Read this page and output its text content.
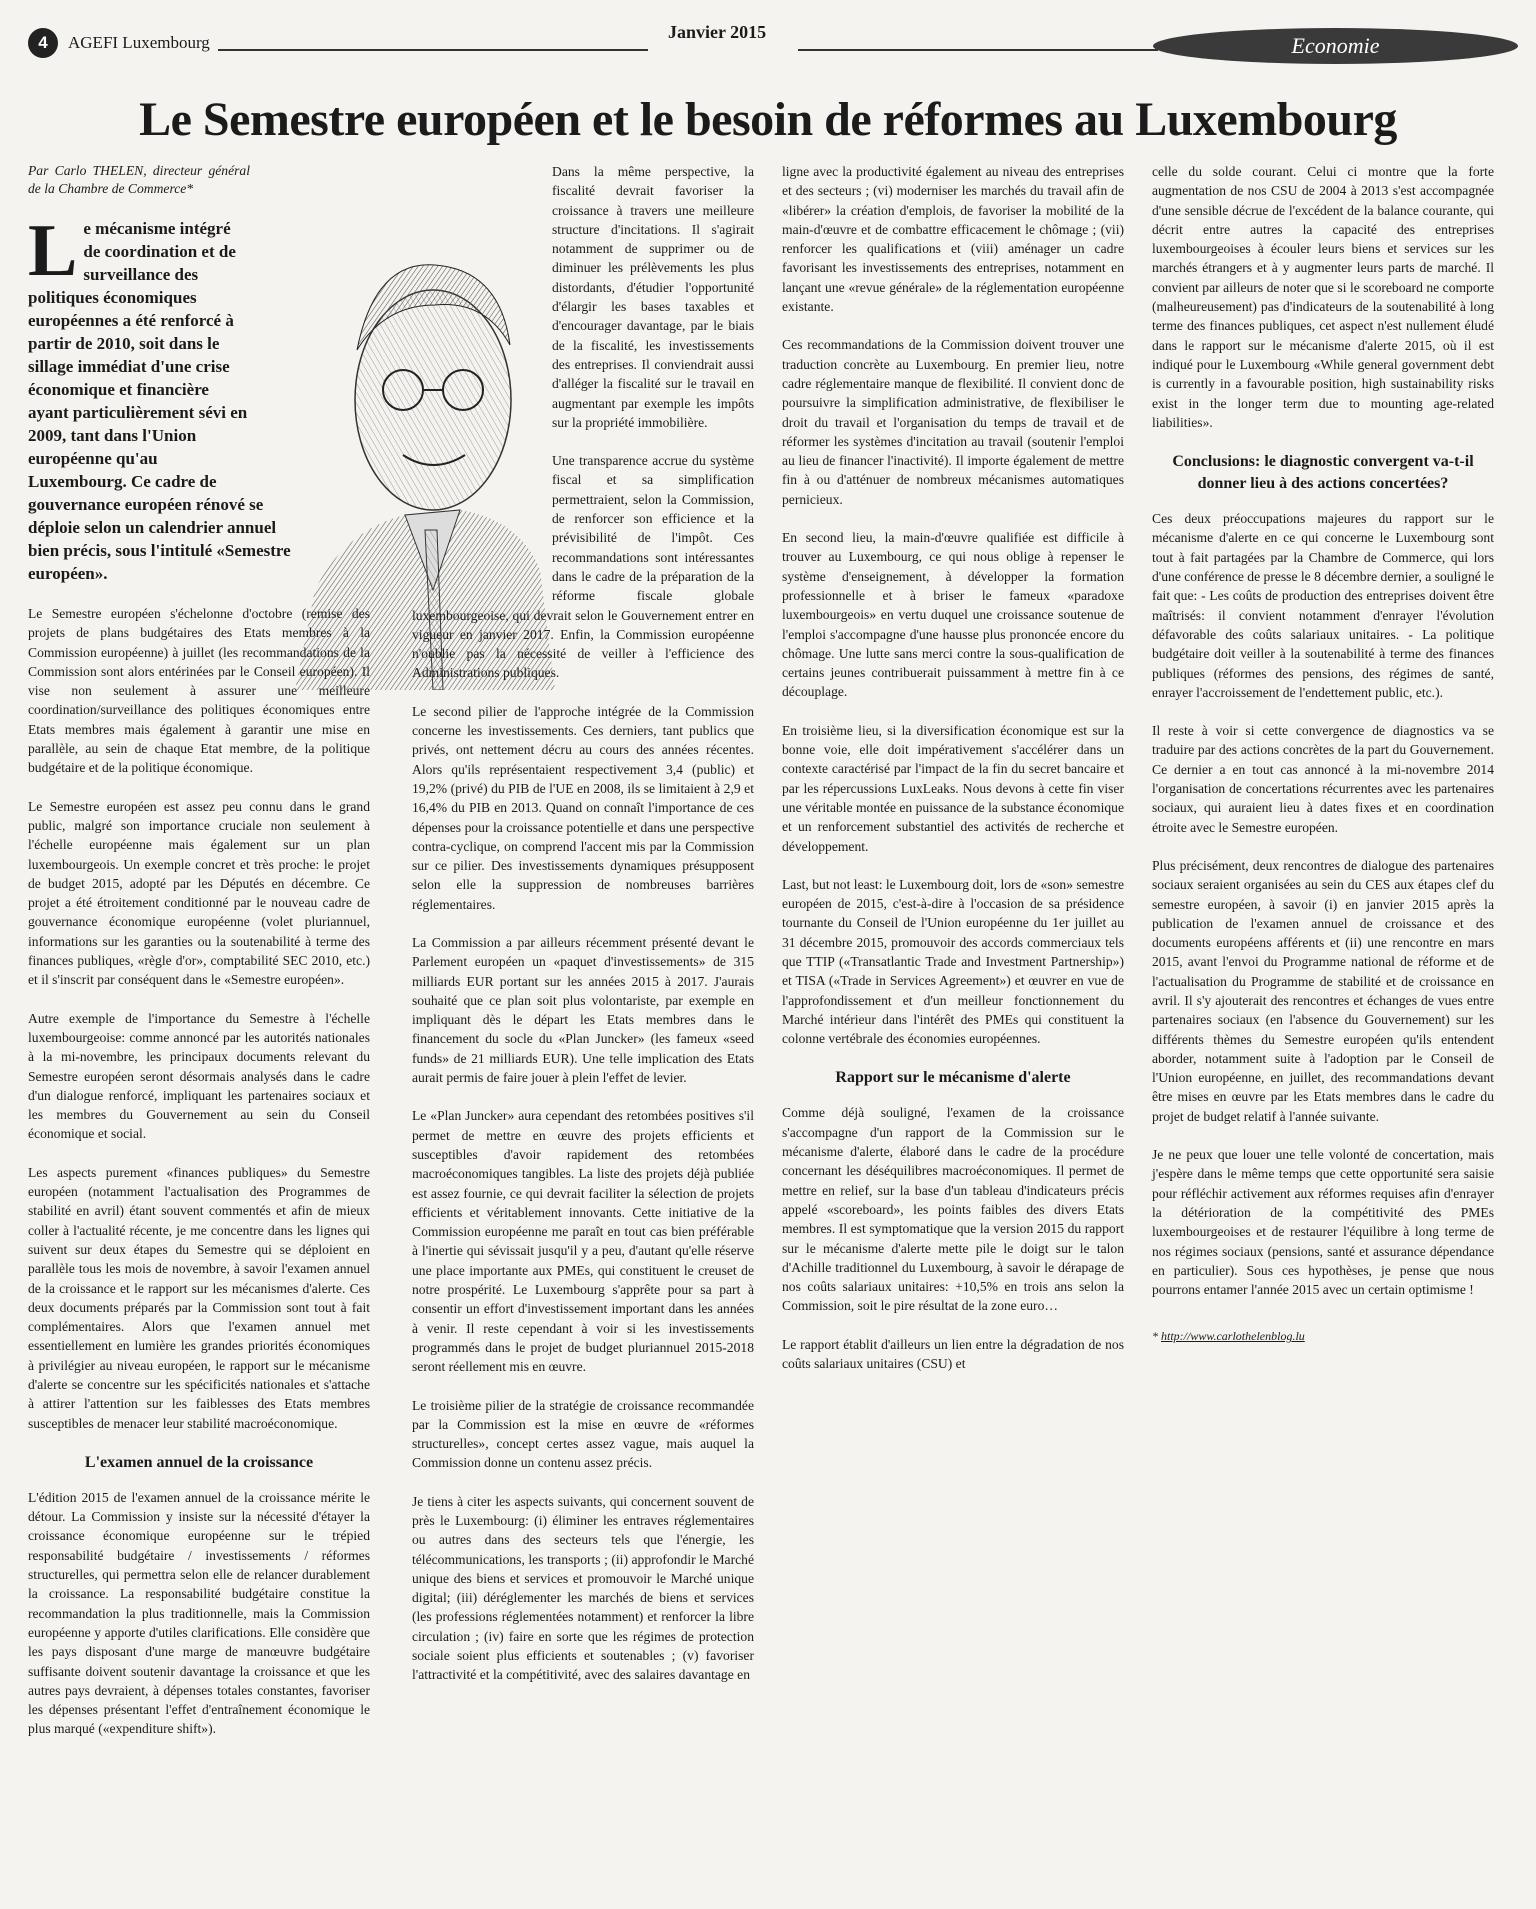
4	AGEFI Luxembourg
Janvier 2015
Economie
Le Semestre européen et le besoin de réformes au Luxembourg

Par Carlo THELEN, directeur général de la Chambre de Commerce*

Le mécanisme intégré de coordination et de surveillance des politiques économiques européennes a été renforcé à partir de 2010, soit dans le sillage immédiat d'une crise économique et financière ayant particulièrement sévi en 2009, tant dans l'Union européenne qu'au Luxembourg. Ce cadre de gouvernance européen rénové se déploie selon un calendrier annuel bien précis, sous l'intitulé «Semestre européen».

Le Semestre européen s'échelonne d'octobre (remise des projets de plans budgétaires des Etats membres à la Commission européenne) à juillet (les recommandations de la Commission sont alors entérinées par le Conseil européen). Il vise non seulement à assurer une meilleure coordination/surveillance des politiques économiques entre Etats membres mais également à garantir une mise en parallèle, au sein de chaque Etat membre, de la politique budgétaire et de la politique économique.

Le Semestre européen est assez peu connu dans le grand public, malgré son importance cruciale non seulement à l'échelle européenne mais également sur un plan luxembourgeois. Un exemple concret et très proche: le projet de budget 2015, adopté par les Députés en décembre. Ce projet a été étroitement conditionné par le nouveau cadre de gouvernance économique européenne (volet pluriannuel, informations sur les garanties ou la soutenabilité à terme des finances publiques, «règle d'or», comptabilité SEC 2010, etc.) et il s'inscrit par conséquent dans le «Semestre européen».

Autre exemple de l'importance du Semestre à l'échelle luxembourgeoise: comme annoncé par les autorités nationales à la mi-novembre, les principaux documents relevant du Semestre européen seront désormais analysés dans le cadre d'un dialogue renforcé, impliquant les partenaires sociaux et les membres du Gouvernement au sein du Conseil économique et social.

Les aspects purement «finances publiques» du Semestre européen (notamment l'actualisation des Programmes de stabilité en avril) étant souvent commentés et afin de mieux coller à l'actualité récente, je me concentre dans les lignes qui suivent sur deux étapes du Semestre qui se déploient en parallèle tous les mois de novembre, à savoir l'examen annuel de la croissance et le rapport sur les mécanismes d'alerte. Ces deux documents préparés par la Commission sont tout à fait complémentaires. Alors que l'examen annuel met essentiellement en lumière les grandes priorités économiques à privilégier au niveau européen, le rapport sur le mécanisme d'alerte se concentre sur les spécificités nationales et s'attache à attirer l'attention sur les faiblesses des Etats membres susceptibles de menacer leur stabilité macroéconomique.

L'examen annuel de la croissance

L'édition 2015 de l'examen annuel de la croissance mérite le détour. La Commission y insiste sur la nécessité d'étayer la croissance économique européenne sur le trépied responsabilité budgétaire / investissements / réformes structurelles, qui permettra selon elle de relancer durablement la croissance. La responsabilité budgétaire constitue la recommandation la plus traditionnelle, mais la Commission européenne y apporte d'utiles clarifications. Elle considère que les pays disposant d'une marge de manœuvre budgétaire suffisante doivent soutenir davantage la croissance et que les autres pays devraient, à dépenses totales constantes, favoriser les dépenses présentant l'effet d'entraînement économique le plus marqué («expenditure shift»).

Dans la même perspective, la fiscalité devrait favoriser la croissance à travers une meilleure structure d'incitations. Il s'agirait notamment de supprimer ou de diminuer les prélèvements les plus distordants, d'étudier l'opportunité d'élargir les bases taxables et d'encourager davantage, par le biais de la fiscalité, les investissements des entreprises. Il conviendrait aussi d'alléger la fiscalité sur le travail en augmentant par exemple les impôts sur la propriété immobilière.

Une transparence accrue du système fiscal et sa simplification permettraient, selon la Commission, de renforcer son efficience et la prévisibilité de l'impôt. Ces recommandations sont intéressantes dans le cadre de la préparation de la réforme fiscale globale luxembourgeoise, qui devrait selon le Gouvernement entrer en vigueur en janvier 2017. Enfin, la Commission européenne n'oublie pas la nécessité de veiller à l'efficience des Administrations publiques.

Le second pilier de l'approche intégrée de la Commission concerne les investissements. Ces derniers, tant publics que privés, ont nettement décru au cours des années récentes. Alors qu'ils représentaient respectivement 3,4 (public) et 19,2% (privé) du PIB de l'UE en 2008, ils se limitaient à 2,9 et 16,4% du PIB en 2013. Quand on connaît l'importance de ces dépenses pour la croissance potentielle et dans une perspective contra-cyclique, on comprend l'accent mis par la Commission sur ce pilier. Des investissements dynamiques présupposent selon elle la suppression de nombreuses barrières réglementaires.

La Commission a par ailleurs récemment présenté devant le Parlement européen un «paquet d'investissements» de 315 milliards EUR portant sur les années 2015 à 2017. J'aurais souhaité que ce plan soit plus volontariste, par exemple en impliquant dès le départ les Etats membres dans le financement du socle du «Plan Juncker» (les fameux «seed funds» de 21 milliards EUR). Une telle implication des Etats aurait permis de faire jouer à plein l'effet de levier.

Le «Plan Juncker» aura cependant des retombées positives s'il permet de mettre en œuvre des projets efficients et susceptibles d'avoir rapidement des retombées macroéconomiques tangibles. La liste des projets déjà publiée est assez fournie, ce qui devrait faciliter la sélection de projets efficients et véritablement innovants. Cette initiative de la Commission européenne me paraît en tout cas bien préférable à l'inertie qui sévissait jusqu'il y a peu, d'autant qu'elle réserve une place importante aux PMEs, qui constituent le creuset de notre prospérité. Le Luxembourg s'apprête pour sa part à consentir un effort d'investissement important dans les années à venir. Il reste cependant à voir si les investissements programmés dans le projet de budget pluriannuel 2015-2018 seront réellement mis en œuvre.

Le troisième pilier de la stratégie de croissance recommandée par la Commission est la mise en œuvre de «réformes structurelles», concept certes assez vague, mais auquel la Commission donne un contenu assez précis.

Je tiens à citer les aspects suivants, qui concernent souvent de près le Luxembourg: (i) éliminer les entraves réglementaires ou autres dans des secteurs tels que l'énergie, les télécommunications, les transports ; (ii) approfondir le Marché unique des biens et services et promouvoir le Marché unique digital; (iii) déréglementer les marchés de biens et services (les professions réglementées notamment) et renforcer la libre circulation ; (iv) faire en sorte que les régimes de protection sociale soient plus efficients et soutenables ; (v) favoriser l'attractivité et la compétitivité, avec des salaires davantage en

ligne avec la productivité également au niveau des entreprises et des secteurs ; (vi) moderniser les marchés du travail afin de «libérer» la création d'emplois, de favoriser la mobilité de la main-d'œuvre et de combattre efficacement le chômage ; (vii) renforcer les qualifications et (viii) aménager un cadre favorisant les investissements des entreprises, notamment en lançant une «revue générale» de la réglementation européenne existante.

Ces recommandations de la Commission doivent trouver une traduction concrète au Luxembourg. En premier lieu, notre cadre réglementaire manque de flexibilité. Il convient donc de poursuivre la simplification administrative, de flexibiliser le droit du travail et l'organisation du temps de travail et de réformer les systèmes d'incitation au travail (soutenir l'emploi au lieu de financer l'inactivité). Il importe également de mettre fin à ou d'atténuer de nombreux mécanismes automatiques pernicieux.

En second lieu, la main-d'œuvre qualifiée est difficile à trouver au Luxembourg, ce qui nous oblige à repenser le système d'enseignement, à développer la formation professionnelle et à briser le fameux «paradoxe luxembourgeois» en vertu duquel une croissance soutenue de l'emploi s'accompagne d'une hausse plus prononcée encore du chômage. Une lutte sans merci contre la sous-qualification de certains jeunes contribuerait puissamment à mettre fin à ce découplage.

En troisième lieu, si la diversification économique est sur la bonne voie, elle doit impérativement s'accélérer dans un contexte caractérisé par l'impact de la fin du secret bancaire et par les répercussions LuxLeaks. Nous devons à cette fin viser une véritable montée en puissance de la substance économique et un renforcement substantiel des activités de recherche et développement.

Last, but not least: le Luxembourg doit, lors de «son» semestre européen de 2015, c'est-à-dire à l'occasion de sa présidence tournante du Conseil de l'Union européenne du 1er juillet au 31 décembre 2015, promouvoir des accords commerciaux tels que TTIP («Transatlantic Trade and Investment Partnership») et TISA («Trade in Services Agreement») et œuvrer en vue de l'approfondissement et d'un meilleur fonctionnement du Marché intérieur dans l'intérêt des PMEs qui constituent la colonne vertébrale des économies européennes.

Rapport sur le mécanisme d'alerte

Comme déjà souligné, l'examen de la croissance s'accompagne d'un rapport de la Commission sur le mécanisme d'alerte, élaboré dans le cadre de la procédure concernant les déséquilibres macroéconomiques. Il permet de mettre en relief, sur la base d'un tableau d'indicateurs précis appelé «scoreboard», les points faibles des divers Etats membres. Il est symptomatique que la version 2015 du rapport sur le mécanisme d'alerte mette pile le doigt sur le talon d'Achille traditionnel du Luxembourg, à savoir le dérapage de nos coûts salariaux unitaires: +10,5% en trois ans selon la Commission, soit le pire résultat de la zone euro…

Le rapport établit d'ailleurs un lien entre la dégradation de nos coûts salariaux unitaires (CSU) et

celle du solde courant. Celui ci montre que la forte augmentation de nos CSU de 2004 à 2013 s'est accompagnée d'une sensible décrue de l'excédent de la balance courante, qui décrit entre autres la capacité des entreprises luxembourgeoises à écouler leurs biens et services sur les marchés étrangers et à y augmenter leurs parts de marché. Il convient par ailleurs de noter que si le scoreboard ne comporte (malheureusement) pas d'indicateurs de la soutenabilité à long terme des finances publiques, cet aspect n'est nullement éludé dans le rapport sur le mécanisme d'alerte 2015, où il est indiqué pour le Luxembourg «While general government debt is currently in a favourable position, high sustainability risks exist in the longer term due to mounting age-related liabilities».

Conclusions: le diagnostic convergent va-t-il donner lieu à des actions concertées?

Ces deux préoccupations majeures du rapport sur le mécanisme d'alerte en ce qui concerne le Luxembourg sont tout à fait partagées par la Chambre de Commerce, qui lors d'une conférence de presse le 8 décembre dernier, a souligné le fait que: - Les coûts de production des entreprises doivent être maîtrisés: il convient notamment d'enrayer l'évolution défavorable des coûts salariaux unitaires. - La politique budgétaire doit veiller à la soutenabilité à terme des finances publiques (réformes des pensions, des régimes de santé, enrayer l'accroissement de l'endettement public, etc.).

Il reste à voir si cette convergence de diagnostics va se traduire par des actions concrètes de la part du Gouvernement. Ce dernier a en tout cas annoncé à la mi-novembre 2014 l'organisation de concertations récurrentes avec les partenaires sociaux, qui auraient lieu à dates fixes et en coordination étroite avec le Semestre européen.

Plus précisément, deux rencontres de dialogue des partenaires sociaux seraient organisées au sein du CES aux étapes clef du semestre européen, à savoir (i) en janvier 2015 après la publication de l'examen annuel de croissance et des documents européens afférents et (ii) une rencontre en mars 2015, avant l'envoi du Programme national de réforme et de l'actualisation du Programme de stabilité et de croissance en avril. Il s'y ajouterait des rencontres et échanges de vues entre partenaires sociaux (en l'absence du Gouvernement) sur les différents thèmes du Semestre européen qu'ils entendent aborder, notamment suite à l'adoption par le Conseil de l'Union européenne, en juillet, des recommandations devant être mises en œuvre par les Etats membres dans le cadre du projet de budget relatif à l'année suivante.

Je ne peux que louer une telle volonté de concertation, mais j'espère dans le même temps que cette opportunité sera saisie pour réfléchir activement aux réformes requises afin d'enrayer la détérioration de la compétitivité des PMEs luxembourgeoises et de restaurer l'équilibre à long terme de nos régimes sociaux (pensions, santé et assurance dépendance en particulier). Sous ces hypothèses, je pense que nous pourrons entamer l'année 2015 avec un certain optimisme !

* http://www.carlothelenblog.lu
